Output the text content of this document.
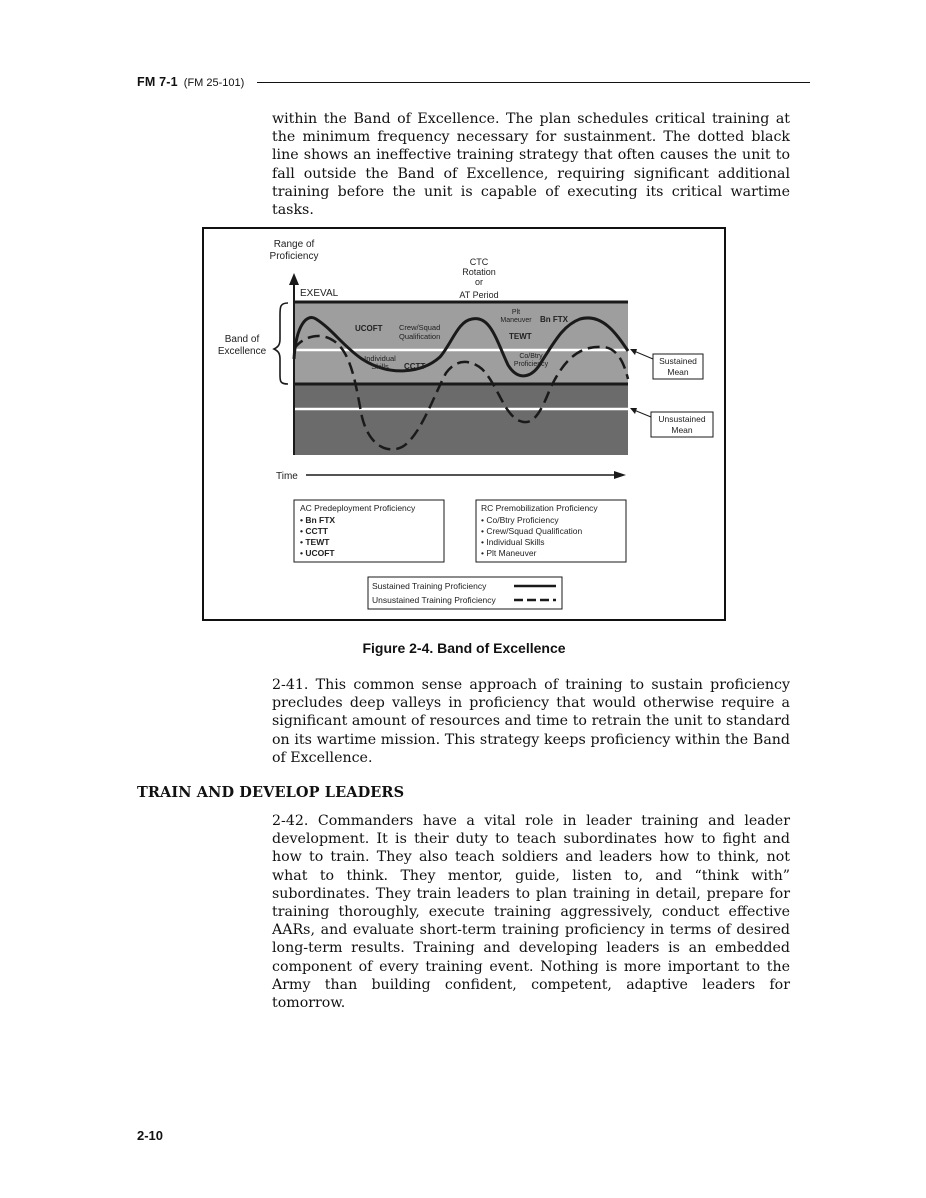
FM 7-1 (FM 25-101)
within the Band of Excellence. The plan schedules critical training at the minimum frequency necessary for sustainment. The dotted black line shows an ineffective training strategy that often causes the unit to fall outside the Band of Excellence, requiring significant additional training before the unit is capable of executing its critical wartime tasks.
Range of
Proficiency
EXEVAL
CTC
Rotation
or
AT Period
Band of
Excellence
UCOFT Crew/Squad
Qualification
Plt
Maneuver Bn FTX
TEWT
Co/Btry
Proficiency
Individual
Skills CCTT
Sustained
Mean
Unsustained
Mean
Time
AC Predeployment Proficiency
• Bn FTX
• CCTT
• TEWT
• UCOFT
RC Premobilization Proficiency
• Co/Btry Proficiency
• Crew/Squad Qualification
• Individual Skills
• Plt Maneuver
Sustained Training Proficiency
Unsustained Training Proficiency
Figure 2-4. Band of Excellence
2-41. This common sense approach of training to sustain proficiency precludes deep valleys in proficiency that would otherwise require a significant amount of resources and time to retrain the unit to standard on its wartime mission. This strategy keeps proficiency within the Band of Excellence.
TRAIN AND DEVELOP LEADERS
2-42. Commanders have a vital role in leader training and leader development. It is their duty to teach subordinates how to fight and how to train. They also teach soldiers and leaders how to think, not what to think. They mentor, guide, listen to, and “think with” subordinates. They train leaders to plan training in detail, prepare for training thoroughly, execute training aggressively, conduct effective AARs, and evaluate short-term training proficiency in terms of desired long-term results. Training and developing leaders is an embedded component of every training event. Nothing is more important to the Army than building confident, competent, adaptive leaders for tomorrow.
2-10
